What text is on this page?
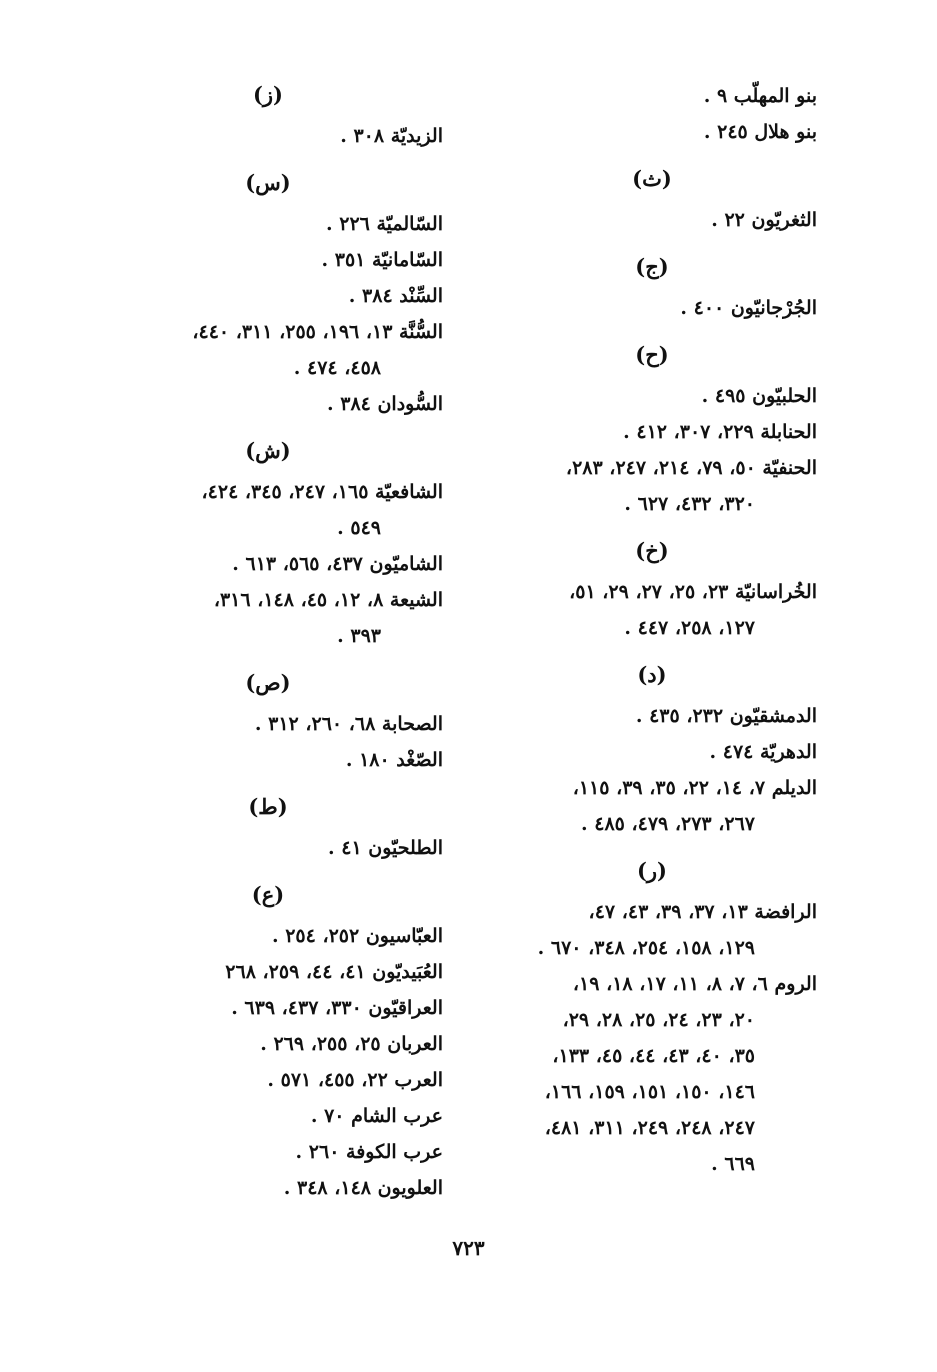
بنو المهلّب ٩ .
بنو هلال ٢٤٥ .
(ث)
الثغريّون ٢٢ .
(ج)
الجُرْجانيّون ٤٠٠ .
(ح)
الحلبيّون ٤٩٥ .
الحنابلة ٢٢٩، ٣٠٧، ٤١٢ .
الحنفيّة ٥٠، ٧٩، ٢١٤، ٢٤٧، ٢٨٣،
٣٢٠، ٤٣٢، ٦٢٧ .
(خ)
الخُراسانيّة ٢٣، ٢٥، ٢٧، ٢٩، ٥١،
١٢٧، ٢٥٨، ٤٤٧ .
(د)
الدمشقيّون ٢٣٢، ٤٣٥ .
الدهريّة ٤٧٤ .
الديلم ٧، ١٤، ٢٢، ٣٥، ٣٩، ١١٥،
٢٦٧، ٢٧٣، ٤٧٩، ٤٨٥ .
(ر)
الرافضة ١٣، ٣٧، ٣٩، ٤٣، ٤٧،
١٢٩، ١٥٨، ٢٥٤، ٣٤٨، ٦٧٠ .
الروم ٦، ٧، ٨، ١١، ١٧، ١٨، ١٩،
٢٠، ٢٣، ٢٤، ٢٥، ٢٨، ٢٩،
٣٥، ٤٠، ٤٣، ٤٤، ٤٥، ١٣٣،
١٤٦، ١٥٠، ١٥١، ١٥٩، ١٦٦،
٢٤٧، ٢٤٨، ٢٤٩، ٣١١، ٤٨١،
٦٦٩ .
(ز)
الزيديّة ٣٠٨ .
(س)
السّالميّة ٢٢٦ .
السّامانيّة ٣٥١ .
السِّنْد ٣٨٤ .
السُّنَّة ١٣، ١٩٦، ٢٥٥، ٣١١، ٤٤٠،
٤٥٨، ٤٧٤ .
السُّودان ٣٨٤ .
(ش)
الشافعيّة ١٦٥، ٢٤٧، ٣٤٥، ٤٢٤،
٥٤٩ .
الشاميّون ٤٣٧، ٥٦٥، ٦١٣ .
الشيعة ٨، ١٢، ٤٥، ١٤٨، ٣١٦،
٣٩٣ .
(ص)
الصحابة ٦٨، ٢٦٠، ٣١٢ .
الصّغْد ١٨٠ .
(ط)
الطلحيّون ٤١ .
(ع)
العبّاسيون ٢٥٢، ٢٥٤ .
العُبَيديّون ٤١، ٤٤، ٢٥٩، ٢٦٨
العراقيّون ٣٣٠، ٤٣٧، ٦٣٩ .
العربان ٢٥، ٢٥٥، ٢٦٩ .
العرب ٢٢، ٤٥٥، ٥٧١ .
عرب الشام ٧٠ .
عرب الكوفة ٢٦٠ .
العلويون ١٤٨، ٣٤٨ .
٧٢٣
